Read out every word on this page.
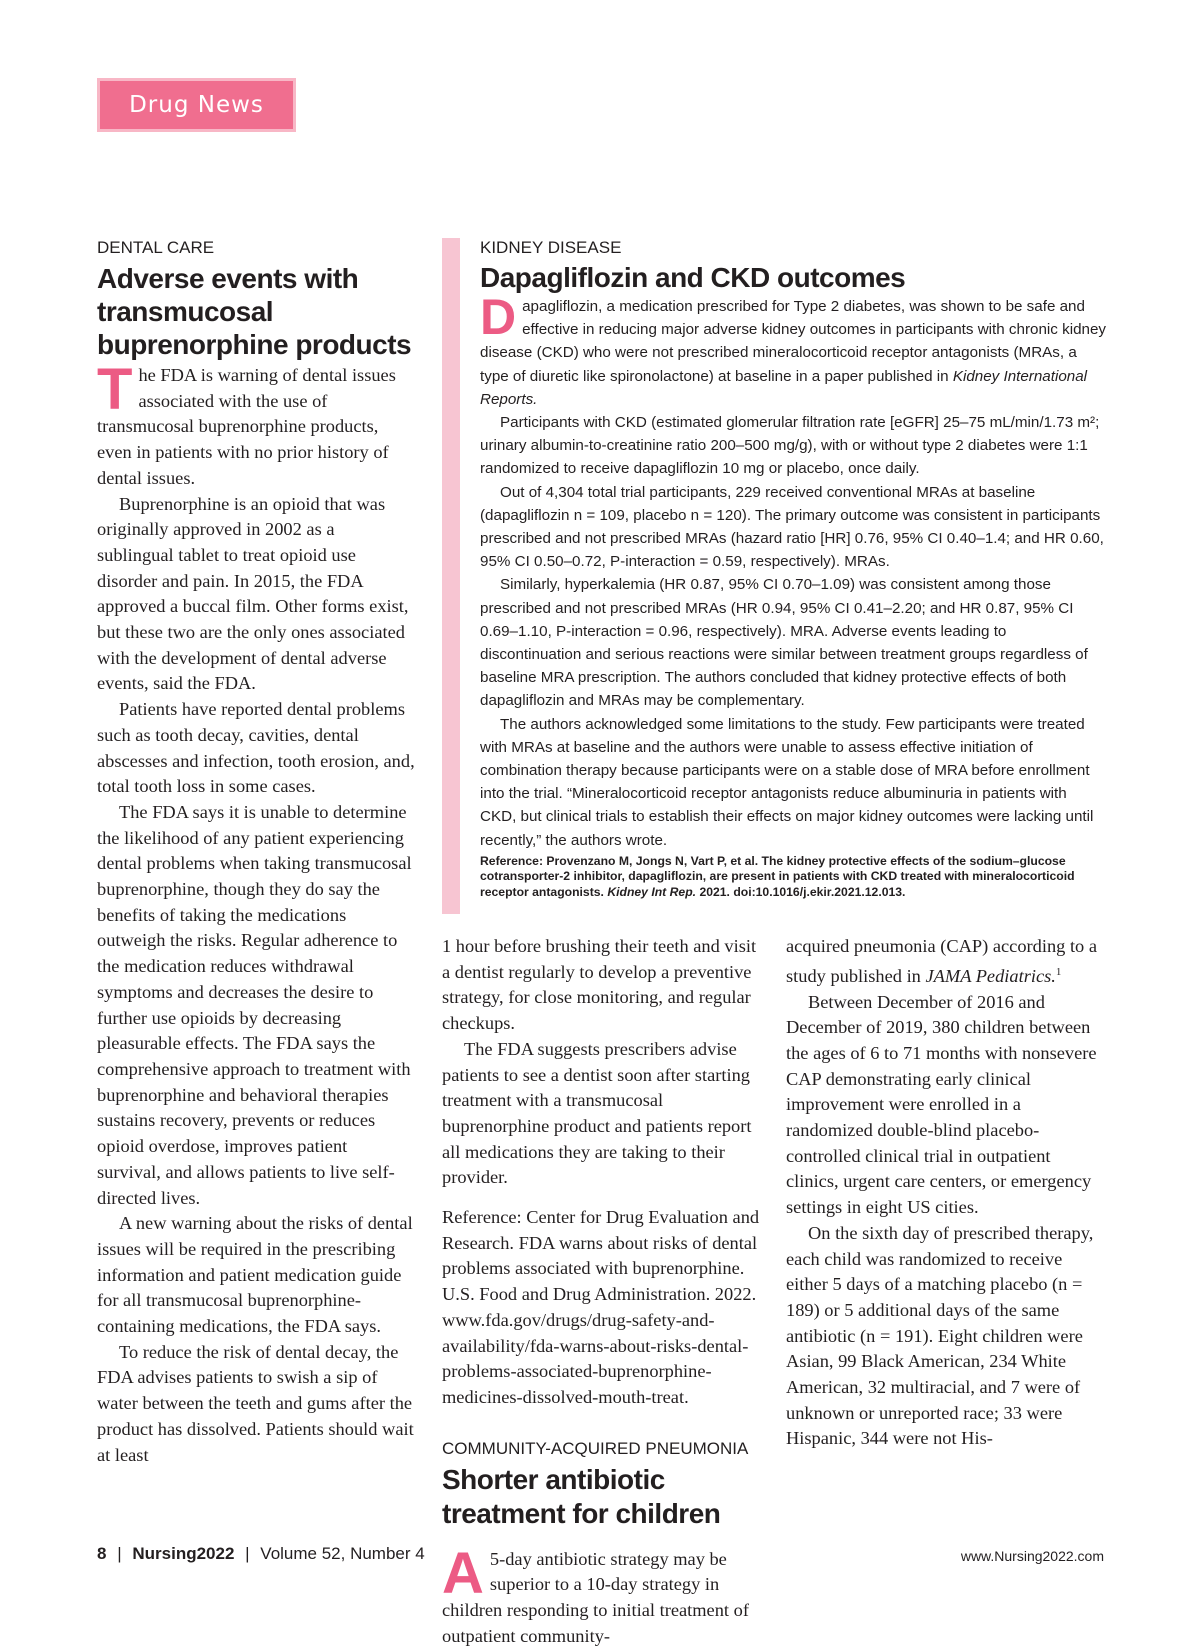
Drug News
DENTAL CARE
Adverse events with transmucosal buprenorphine products

The FDA is warning of dental issues associated with the use of transmucosal buprenorphine products, even in patients with no prior history of dental issues.

Buprenorphine is an opioid that was originally approved in 2002 as a sublingual tablet to treat opioid use disorder and pain. In 2015, the FDA approved a buccal film. Other forms exist, but these two are the only ones associated with the development of dental adverse events, said the FDA.

Patients have reported dental problems such as tooth decay, cavities, dental abscesses and infection, tooth erosion, and, total tooth loss in some cases.

The FDA says it is unable to determine the likelihood of any patient experiencing dental problems when taking transmucosal buprenorphine, though they do say the benefits of taking the medications outweigh the risks. Regular adherence to the medication reduces withdrawal symptoms and decreases the desire to further use opioids by decreasing pleasurable effects. The FDA says the comprehensive approach to treatment with buprenorphine and behavioral therapies sustains recovery, prevents or reduces opioid overdose, improves patient survival, and allows patients to live self-directed lives.

A new warning about the risks of dental issues will be required in the prescribing information and patient medication guide for all transmucosal buprenorphine-containing medications, the FDA says.

To reduce the risk of dental decay, the FDA advises patients to swish a sip of water between the teeth and gums after the product has dissolved. Patients should wait at least

KIDNEY DISEASE
Dapagliflozin and CKD outcomes

Dapagliflozin, a medication prescribed for Type 2 diabetes, was shown to be safe and effective in reducing major adverse kidney outcomes in participants with chronic kidney disease (CKD) who were not prescribed mineralocorticoid receptor antagonists (MRAs, a type of diuretic like spironolactone) at baseline in a paper published in Kidney International Reports.

Participants with CKD (estimated glomerular filtration rate [eGFR] 25–75 mL/min/1.73 m²; urinary albumin-to-creatinine ratio 200–500 mg/g), with or without type 2 diabetes were 1:1 randomized to receive dapagliflozin 10 mg or placebo, once daily.

Out of 4,304 total trial participants, 229 received conventional MRAs at baseline (dapagliflozin n = 109, placebo n = 120). The primary outcome was consistent in participants prescribed and not prescribed MRAs (hazard ratio [HR] 0.76, 95% CI 0.40–1.4; and HR 0.60, 95% CI 0.50–0.72, P-interaction = 0.59, respectively). MRAs.

Similarly, hyperkalemia (HR 0.87, 95% CI 0.70–1.09) was consistent among those prescribed and not prescribed MRAs (HR 0.94, 95% CI 0.41–2.20; and HR 0.87, 95% CI 0.69–1.10, P-interaction = 0.96, respectively). MRA. Adverse events leading to discontinuation and serious reactions were similar between treatment groups regardless of baseline MRA prescription. The authors concluded that kidney protective effects of both dapagliflozin and MRAs may be complementary.

The authors acknowledged some limitations to the study. Few participants were treated with MRAs at baseline and the authors were unable to assess effective initiation of combination therapy because participants were on a stable dose of MRA before enrollment into the trial. “Mineralocorticoid receptor antagonists reduce albuminuria in patients with CKD, but clinical trials to establish their effects on major kidney outcomes were lacking until recently,” the authors wrote.

Reference: Provenzano M, Jongs N, Vart P, et al. The kidney protective effects of the sodium–glucose cotransporter-2 inhibitor, dapagliflozin, are present in patients with CKD treated with mineralocorticoid receptor antagonists. Kidney Int Rep. 2021. doi:10.1016/j.ekir.2021.12.013.

1 hour before brushing their teeth and visit a dentist regularly to develop a preventive strategy, for close monitoring, and regular checkups.

The FDA suggests prescribers advise patients to see a dentist soon after starting treatment with a transmucosal buprenorphine product and patients report all medications they are taking to their provider.

Reference: Center for Drug Evaluation and Research. FDA warns about risks of dental problems associated with buprenorphine. U.S. Food and Drug Administration. 2022. www.fda.gov/drugs/drug-safety-and-availability/fda-warns-about-risks-dental-problems-associated-buprenorphine-medicines-dissolved-mouth-treat.

COMMUNITY-ACQUIRED PNEUMONIA
Shorter antibiotic treatment for children

A 5-day antibiotic strategy may be superior to a 10-day strategy in children responding to initial treatment of outpatient community-

acquired pneumonia (CAP) according to a study published in JAMA Pediatrics.$^1$

Between December of 2016 and December of 2019, 380 children between the ages of 6 to 71 months with nonsevere CAP demonstrating early clinical improvement were enrolled in a randomized double-blind placebo-controlled clinical trial in outpatient clinics, urgent care centers, or emergency settings in eight US cities.

On the sixth day of prescribed therapy, each child was randomized to receive either 5 days of a matching placebo (n = 189) or 5 additional days of the same antibiotic (n = 191). Eight children were Asian, 99 Black American, 234 White American, 32 multiracial, and 7 were of unknown or unreported race; 33 were Hispanic, 344 were not His-

8 | Nursing2022 | Volume 52, Number 4	www.Nursing2022.com
